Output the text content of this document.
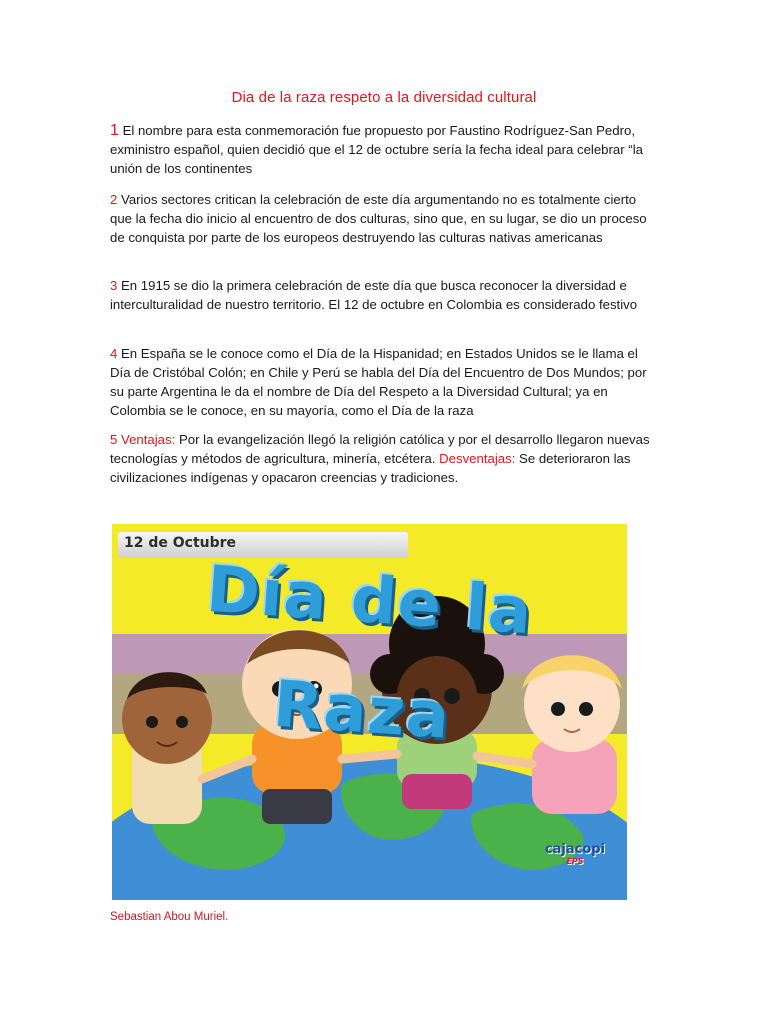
Dia de la raza respeto a la diversidad cultural

1 El nombre para esta conmemoración fue propuesto por Faustino Rodríguez-San Pedro, exministro español, quien decidió que el 12 de octubre sería la fecha ideal para celebrar “la unión de los continentes

2 Varios sectores critican la celebración de este día argumentando no es totalmente cierto que la fecha dio inicio al encuentro de dos culturas, sino que, en su lugar, se dio un proceso de conquista por parte de los europeos destruyendo las culturas nativas americanas

3 En 1915 se dio la primera celebración de este día que busca reconocer la diversidad e interculturalidad de nuestro territorio. El 12 de octubre en Colombia es considerado festivo

4 En España se le conoce como el Día de la Hispanidad; en Estados Unidos se le llama el Día de Cristóbal Colón; en Chile y Perú se habla del Día del Encuentro de Dos Mundos; por su parte Argentina le da el nombre de Día del Respeto a la Diversidad Cultural; ya en Colombia se le conoce, en su mayoría, como el Día de la raza

5 Ventajas: Por la evangelización llegó la religión católica y por el desarrollo llegaron nuevas tecnologías y métodos de agricultura, minería, etcétera. Desventajas: Se deterioraron las civilizaciones indígenas y opacaron creencias y tradiciones.

12 de Octubre
Día de la Raza
cajacopi
EPS
Sebastian Abou Muriel.
